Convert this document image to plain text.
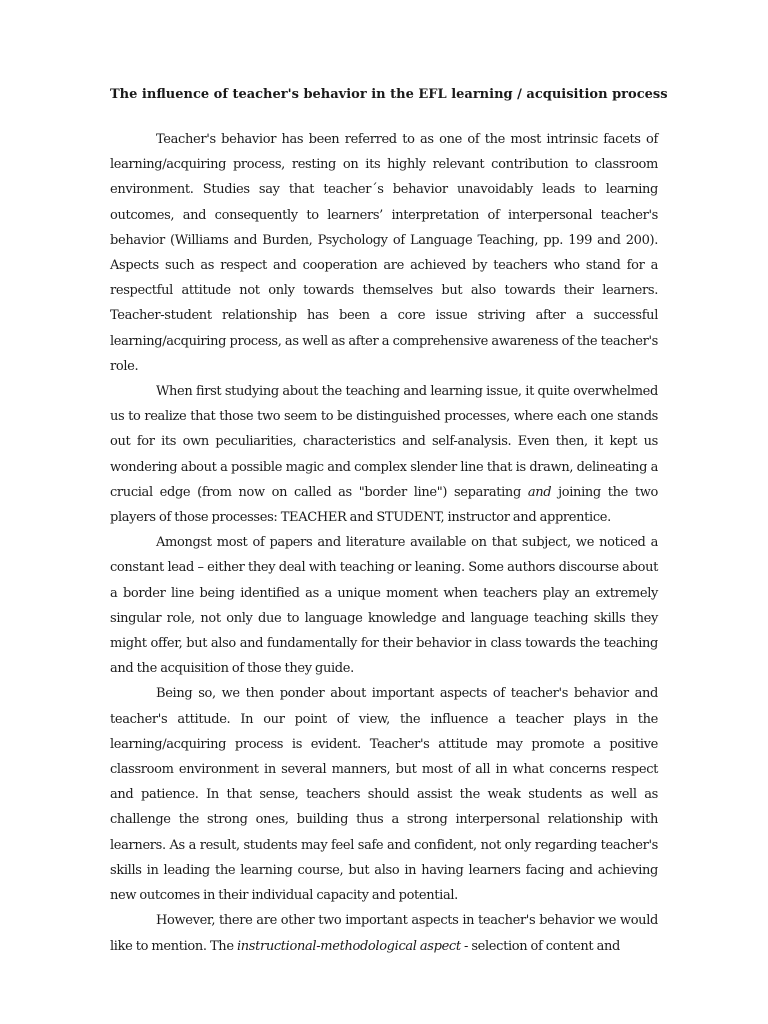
The influence of teacher's behavior in the EFL learning / acquisition process

Teacher's behavior has been referred to as one of the most intrinsic facets of learning/acquiring process, resting on its highly relevant contribution to classroom environment. Studies say that teacher´s behavior unavoidably leads to learning outcomes, and consequently to learners’ interpretation of interpersonal teacher's behavior (Williams and Burden, Psychology of Language Teaching, pp. 199 and 200). Aspects such as respect and cooperation are achieved by teachers who stand for a respectful attitude not only towards themselves but also towards their learners. Teacher-student relationship has been a core issue striving after a successful learning/acquiring process, as well as after a comprehensive awareness of the teacher's role.

When first studying about the teaching and learning issue, it quite overwhelmed us to realize that those two seem to be distinguished processes, where each one stands out for its own peculiarities, characteristics and self-analysis. Even then, it kept us wondering about a possible magic and complex slender line that is drawn, delineating a crucial edge (from now on called as "border line") separating and joining the two players of those processes: TEACHER and STUDENT, instructor and apprentice.

Amongst most of papers and literature available on that subject, we noticed a constant lead – either they deal with teaching or leaning. Some authors discourse about a border line being identified as a unique moment when teachers play an extremely singular role, not only due to language knowledge and language teaching skills they might offer, but also and fundamentally for their behavior in class towards the teaching and the acquisition of those they guide.

Being so, we then ponder about important aspects of teacher's behavior and teacher's attitude. In our point of view, the influence a teacher plays in the learning/acquiring process is evident. Teacher's attitude may promote a positive classroom environment in several manners, but most of all in what concerns respect and patience. In that sense, teachers should assist the weak students as well as challenge the strong ones, building thus a strong interpersonal relationship with learners. As a result, students may feel safe and confident, not only regarding teacher's skills in leading the learning course, but also in having learners facing and achieving new outcomes in their individual capacity and potential.

However, there are other two important aspects in teacher's behavior we would like to mention. The instructional-methodological aspect - selection of content and
